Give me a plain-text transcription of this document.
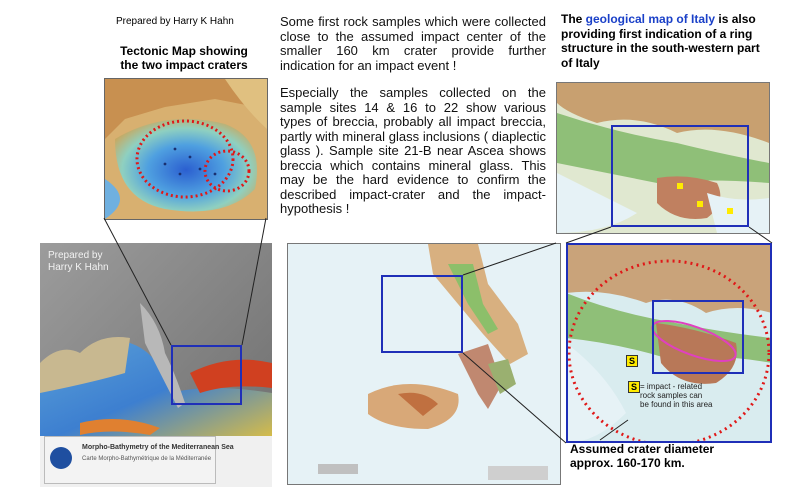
Prepared by Harry K Hahn
Tectonic Map showing
the two impact craters
Prepared by
Harry K Hahn
Morpho-Bathymetry of the Mediterranean Sea
Carte Morpho-Bathymétrique de la Méditerranée
Some first rock samples which were collected close to the assumed impact center of the smaller 160 km crater provide further indication for an impact event !
Especially the samples collected on the sample sites 14 & 16 to 22 show various types of breccia, probably all impact breccia, partly with mineral glass inclusions ( diaplectic glass ). Sample site 21-B near Ascea shows breccia which contains mineral glass. This may be the hard evidence to confirm the described impact-crater and the impact-hypothesis !
The geological map of Italy is also providing first indication of a ring structure in the south-western part of Italy
S
S = impact - related
rock samples can
be found in this area
Assumed crater diameter
approx. 160-170 km.
